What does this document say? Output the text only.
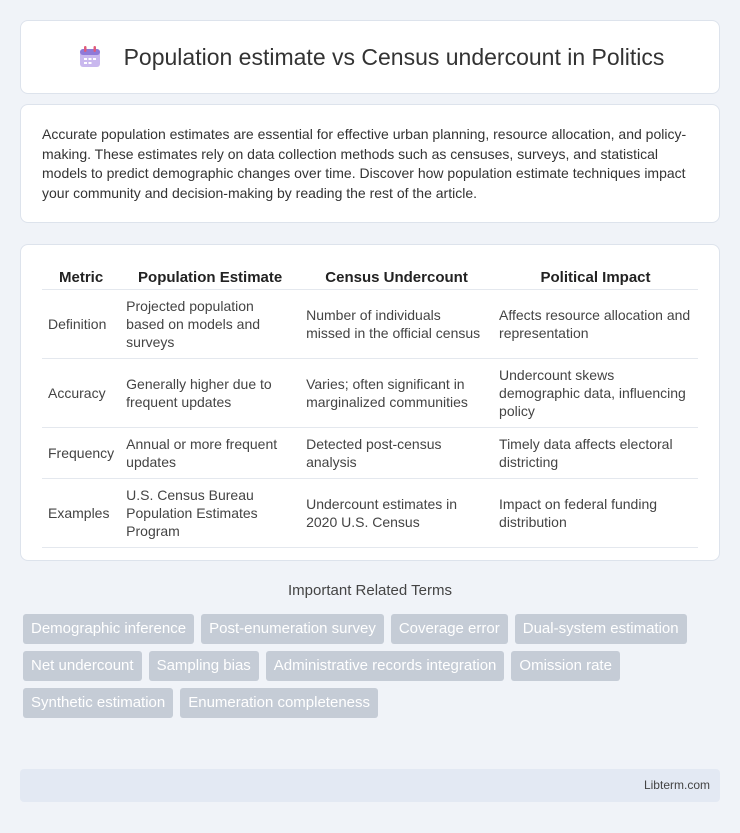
Population estimate vs Census undercount in Politics

Accurate population estimates are essential for effective urban planning, resource allocation, and policy-making. These estimates rely on data collection methods such as censuses, surveys, and statistical models to predict demographic changes over time. Discover how population estimate techniques impact your community and decision-making by reading the rest of the article.

Metric	Population Estimate	Census Undercount	Political Impact
Definition	Projected population based on models and surveys	Number of individuals missed in the official census	Affects resource allocation and representation
Accuracy	Generally higher due to frequent updates	Varies; often significant in marginalized communities	Undercount skews demographic data, influencing policy
Frequency	Annual or more frequent updates	Detected post-census analysis	Timely data affects electoral districting
Examples	U.S. Census Bureau Population Estimates Program	Undercount estimates in 2020 U.S. Census	Impact on federal funding distribution
Important Related Terms
Demographic inference	Post-enumeration survey	Coverage error	Dual-system estimation
Net undercount	Sampling bias	Administrative records integration	Omission rate
Synthetic estimation	Enumeration completeness
Libterm.com
